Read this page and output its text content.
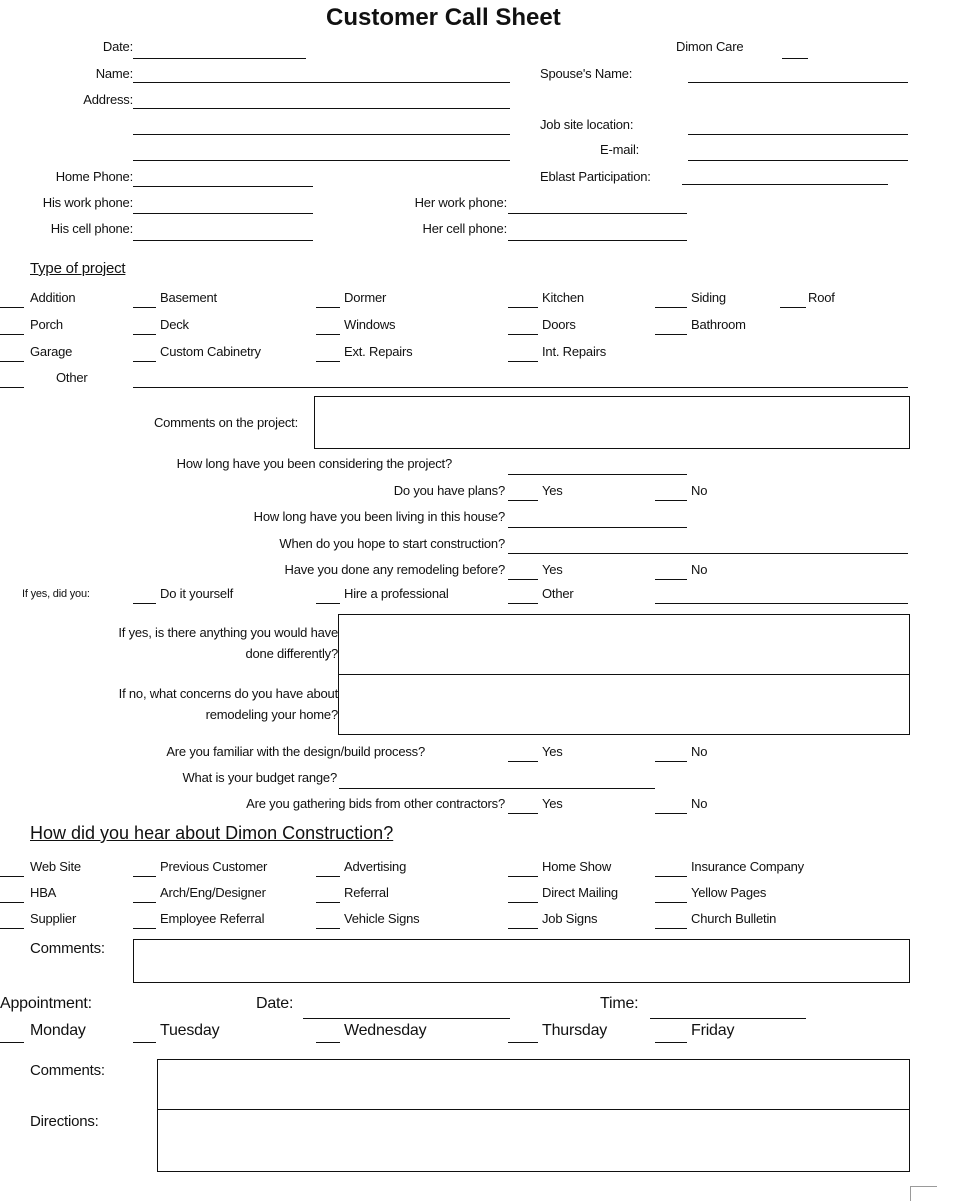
Customer Call Sheet
Date:	Dimon Care
Name:	Spouse's Name:
Address:
Job site location:
E-mail:
Eblast Participation:
Home Phone:
His work phone:	Her work phone:
His cell phone:	Her cell phone:
Type of project
Addition	Basement	Dormer	Kitchen	Siding	Roof
Porch	Deck	Windows	Doors	Bathroom
Garage	Custom Cabinetry	Ext. Repairs	Int. Repairs
Other
Comments on the project:
How long have you been considering the project?
Do you have plans?	Yes	No
How long have you been living in this house?
When do you hope to start construction?
Have you done any remodeling before?	Yes	No
If yes, did you:	Do it yourself	Hire a professional	Other
If yes, is there anything you would have
done differently?
If no, what concerns do you have about
remodeling your home?
Are you familiar with the design/build process?	Yes	No
What is your budget range?
Are you gathering bids from other contractors?	Yes	No
How did you hear about Dimon Construction?
Web Site	Previous Customer	Advertising	Home Show	Insurance Company
HBA	Arch/Eng/Designer	Referral	Direct Mailing	Yellow Pages
Supplier	Employee Referral	Vehicle Signs	Job Signs	Church Bulletin
Comments:
Appointment:	Date:	Time:
Monday	Tuesday	Wednesday	Thursday	Friday
Comments:
Directions:
